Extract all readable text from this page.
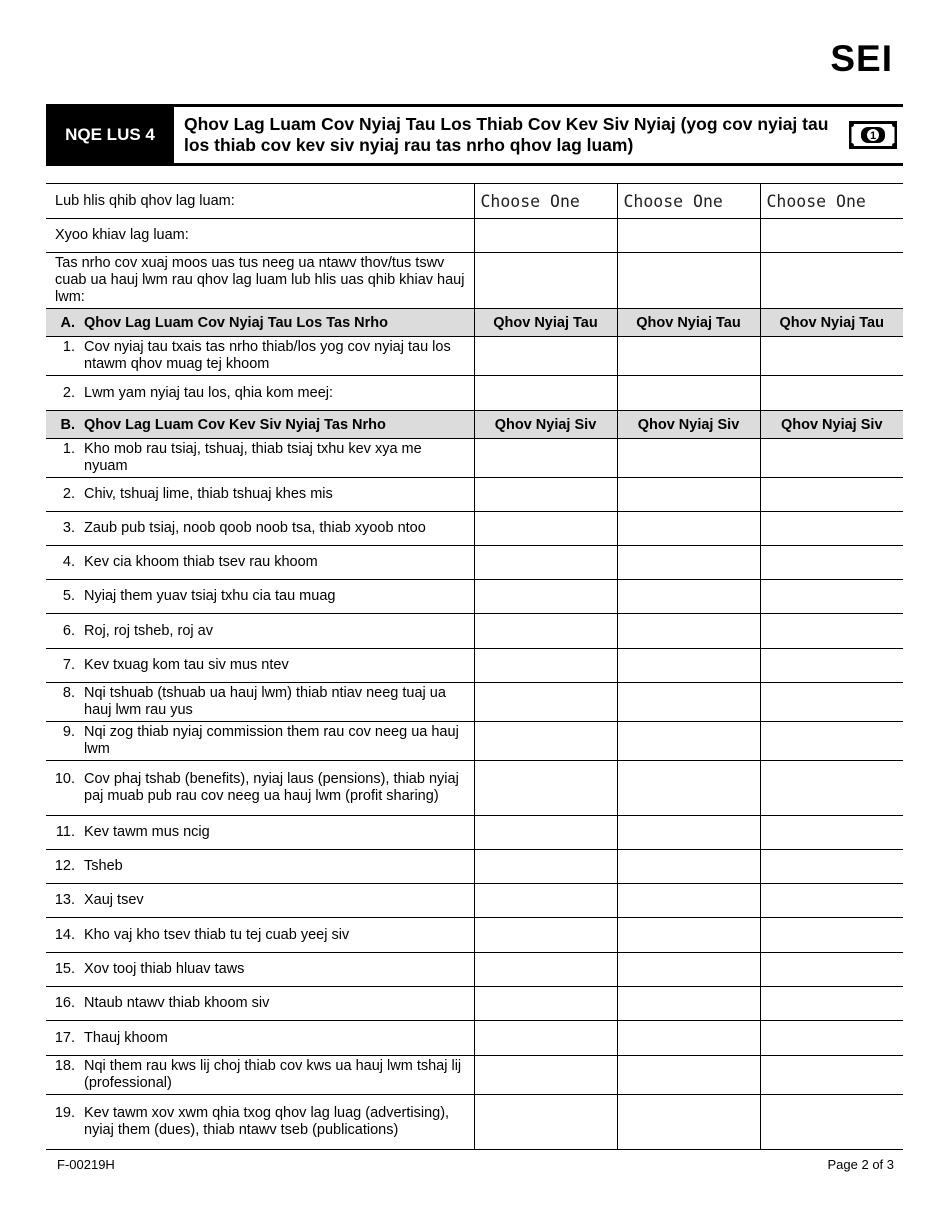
SEI
NQE LUS 4
Qhov Lag Luam Cov Nyiaj Tau Los Thiab Cov Kev Siv Nyiaj (yog cov nyiaj tau los thiab cov kev siv nyiaj rau tas nrho qhov lag luam)	1
Lub hlis qhib qhov lag luam:	Choose One	Choose One	Choose One

Xyoo khiav lag luam:			

Tas nrho cov xuaj moos uas tus neeg ua ntawv thov/tus tswv cuab ua hauj lwm rau qhov lag luam lub hlis uas qhib khiav hauj lwm:			

A. Qhov Lag Luam Cov Nyiaj Tau Los Tas Nrho	Qhov Nyiaj Tau	Qhov Nyiaj Tau	Qhov Nyiaj Tau

1. Cov nyiaj tau txais tas nrho thiab/los yog cov nyiaj tau los ntawm qhov muag tej khoom			

2. Lwm yam nyiaj tau los, qhia kom meej:			

B. Qhov Lag Luam Cov Kev Siv Nyiaj Tas Nrho	Qhov Nyiaj Siv	Qhov Nyiaj Siv	Qhov Nyiaj Siv

1. Kho mob rau tsiaj, tshuaj, thiab tsiaj txhu kev xya me nyuam			

2. Chiv, tshuaj lime, thiab tshuaj khes mis			

3. Zaub pub tsiaj, noob qoob noob tsa, thiab xyoob ntoo			

4. Kev cia khoom thiab tsev rau khoom			

5. Nyiaj them yuav tsiaj txhu cia tau muag			

6. Roj, roj tsheb, roj av			

7. Kev txuag kom tau siv mus ntev			

8. Nqi tshuab (tshuab ua hauj lwm) thiab ntiav neeg tuaj ua hauj lwm rau yus			

9. Nqi zog thiab nyiaj commission them rau cov neeg ua hauj lwm			

10. Cov phaj tshab (benefits), nyiaj laus (pensions), thiab nyiaj paj muab pub rau cov neeg ua hauj lwm (profit sharing)			

11. Kev tawm mus ncig			

12. Tsheb			

13. Xauj tsev			

14. Kho vaj kho tsev thiab tu tej cuab yeej siv			

15. Xov tooj thiab hluav taws			

16. Ntaub ntawv thiab khoom siv			

17. Thauj khoom			

18. Nqi them rau kws lij choj thiab cov kws ua hauj lwm tshaj lij (professional)			

19. Kev tawm xov xwm qhia txog qhov lag luag (advertising), nyiaj them (dues), thiab ntawv tseb (publications)			

F-00219H	Page 2 of 3
